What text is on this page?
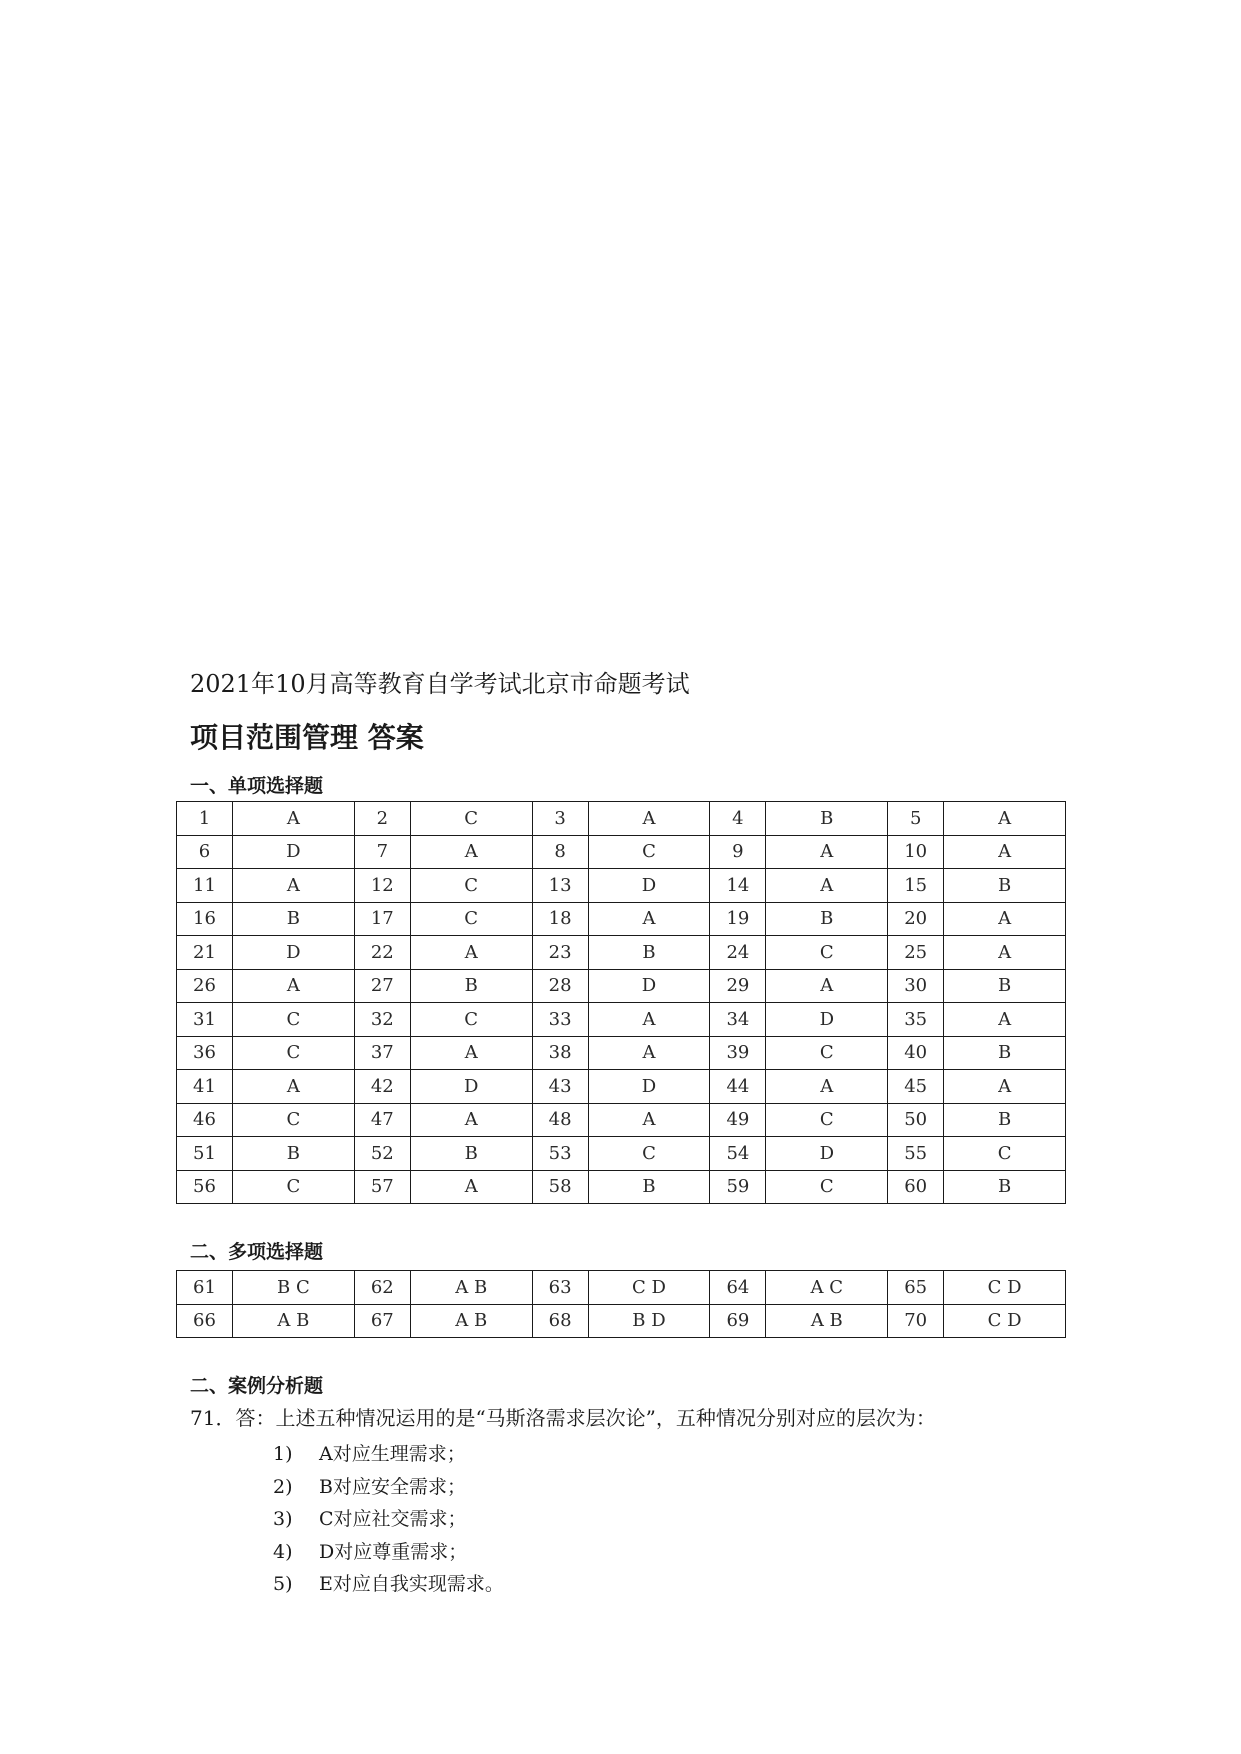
2021年10月高等教育自学考试北京市命题考试
项目范围管理 答案
一、单项选择题
1	A	2	C	3	A	4	B	5	A
6	D	7	A	8	C	9	A	10	A
11	A	12	C	13	D	14	A	15	B
16	B	17	C	18	A	19	B	20	A
21	D	22	A	23	B	24	C	25	A
26	A	27	B	28	D	29	A	30	B
31	C	32	C	33	A	34	D	35	A
36	C	37	A	38	A	39	C	40	B
41	A	42	D	43	D	44	A	45	A
46	C	47	A	48	A	49	C	50	B
51	B	52	B	53	C	54	D	55	C
56	C	57	A	58	B	59	C	60	B
二、多项选择题
61	B C	62	A B	63	C D	64	A C	65	C D
66	A B	67	A B	68	B D	69	A B	70	C D
二、案例分析题
71．答：上述五种情况运用的是“马斯洛需求层次论”，五种情况分别对应的层次为：
1) A对应生理需求；
2) B对应安全需求；
3) C对应社交需求；
4) D对应尊重需求；
5) E对应自我实现需求。
